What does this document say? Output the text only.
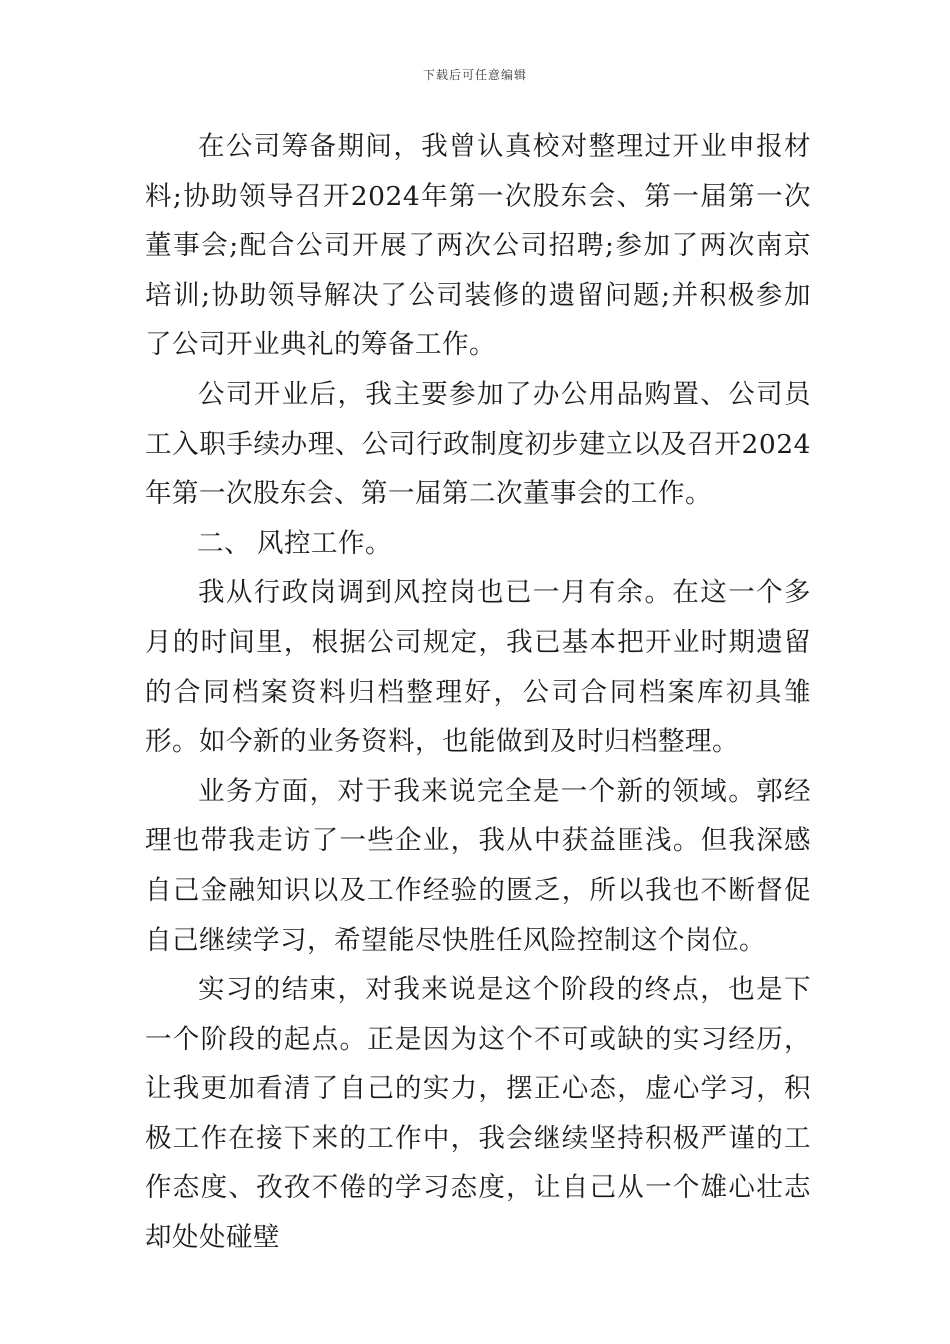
下载后可任意编辑

在公司筹备期间，我曾认真校对整理过开业申报材料;协助领导召开2024年第一次股东会、第一届第一次董事会;配合公司开展了两次公司招聘;参加了两次南京培训;协助领导解决了公司装修的遗留问题;并积极参加了公司开业典礼的筹备工作。

公司开业后，我主要参加了办公用品购置、公司员工入职手续办理、公司行政制度初步建立以及召开2024年第一次股东会、第一届第二次董事会的工作。

二、 风控工作。

我从行政岗调到风控岗也已一月有余。在这一个多月的时间里，根据公司规定，我已基本把开业时期遗留的合同档案资料归档整理好，公司合同档案库初具雏形。如今新的业务资料，也能做到及时归档整理。

业务方面，对于我来说完全是一个新的领域。郭经理也带我走访了一些企业，我从中获益匪浅。但我深感自己金融知识以及工作经验的匮乏，所以我也不断督促自己继续学习，希望能尽快胜任风险控制这个岗位。

实习的结束，对我来说是这个阶段的终点，也是下一个阶段的起点。正是因为这个不可或缺的实习经历，让我更加看清了自己的实力，摆正心态，虚心学习，积极工作在接下来的工作中，我会继续坚持积极严谨的工作态度、孜孜不倦的学习态度，让自己从一个雄心壮志却处处碰壁
